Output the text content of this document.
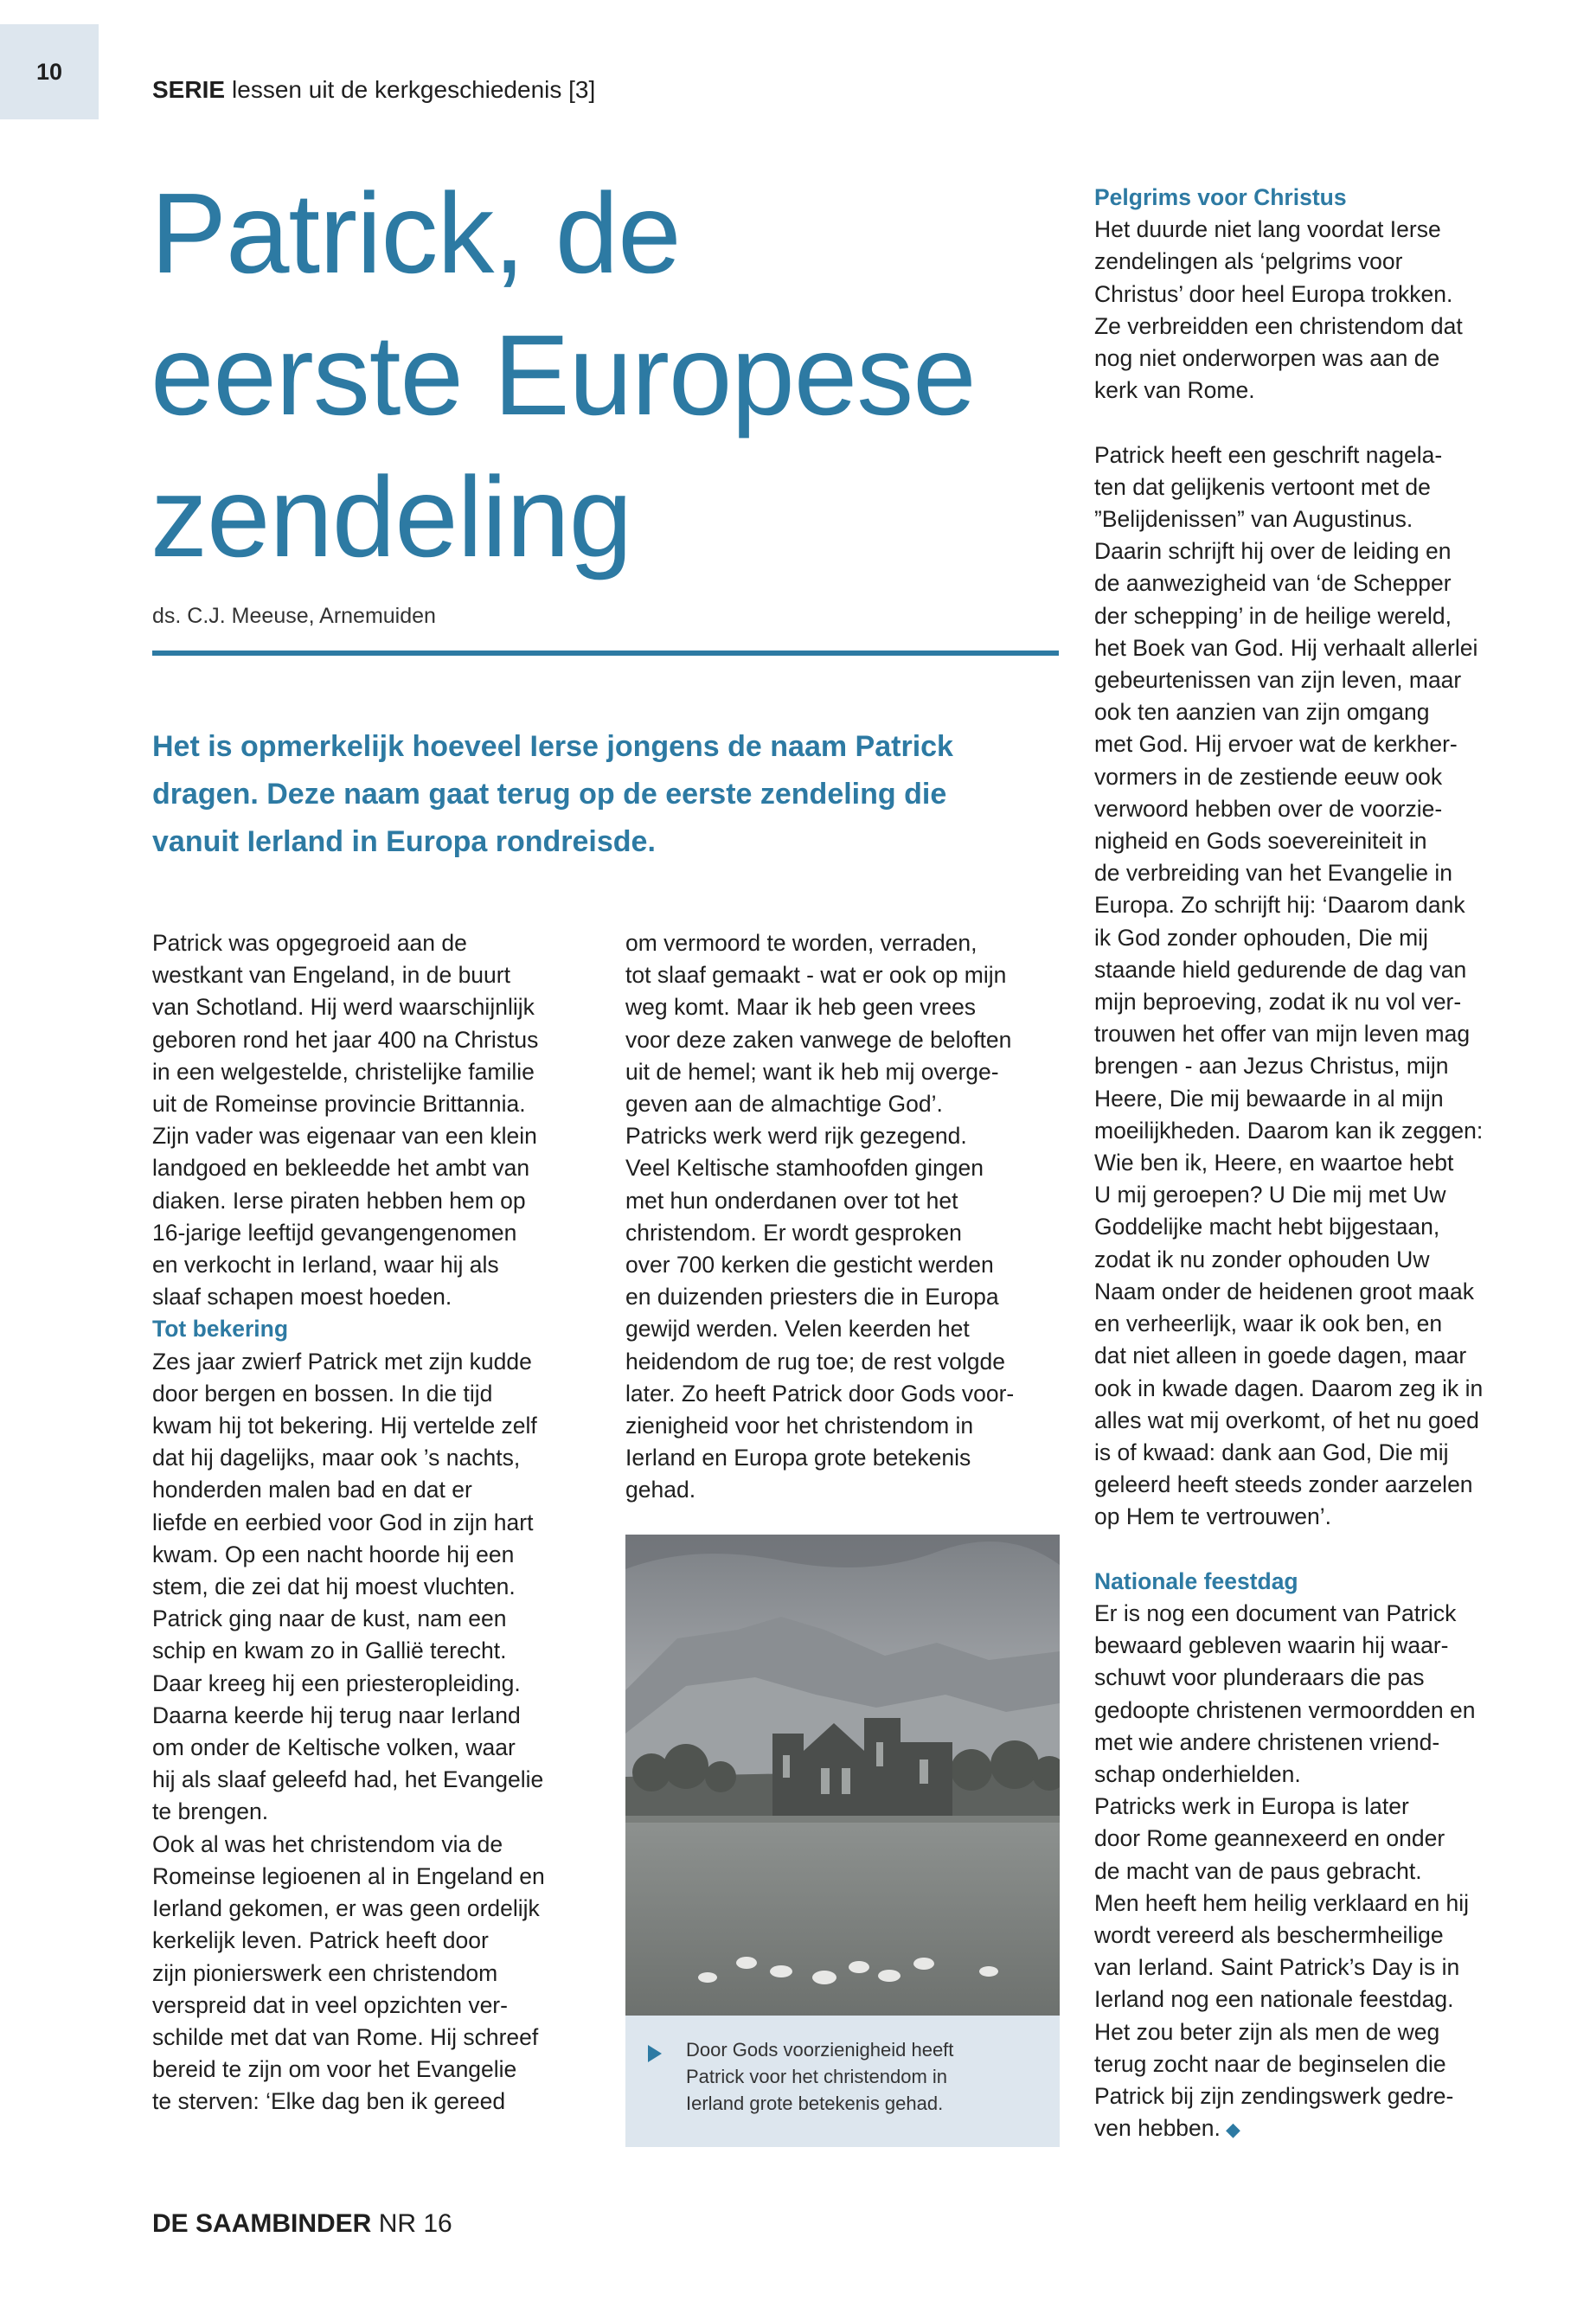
10
SERIE lessen uit de kerkgeschiedenis [3]
Patrick, de
eerste Europese
zendeling
ds. C.J. Meeuse, Arnemuiden

Het is opmerkelijk hoeveel Ierse jongens de naam Patrick
dragen. Deze naam gaat terug op de eerste zendeling die
vanuit Ierland in Europa rondreisde.

Patrick was opgegroeid aan de

westkant van Engeland, in de buurt

van Schotland. Hij werd waarschijnlijk

geboren rond het jaar 400 na Christus

in een welgestelde, christelijke familie

uit de Romeinse provincie Brittannia.

Zijn vader was eigenaar van een klein

landgoed en bekleedde het ambt van

diaken. Ierse piraten hebben hem op

16-jarige leeftijd gevangengenomen

en verkocht in Ierland, waar hij als

slaaf schapen moest hoeden.

Tot bekering

Zes jaar zwierf Patrick met zijn kudde

door bergen en bossen. In die tijd

kwam hij tot bekering. Hij vertelde zelf

dat hij dagelijks, maar ook ’s nachts,

honderden malen bad en dat er

liefde en eerbied voor God in zijn hart

kwam. Op een nacht hoorde hij een

stem, die zei dat hij moest vluchten.

Patrick ging naar de kust, nam een

schip en kwam zo in Gallië terecht.

Daar kreeg hij een priesteropleiding.

Daarna keerde hij terug naar Ierland

om onder de Keltische volken, waar

hij als slaaf geleefd had, het Evangelie

te brengen.

Ook al was het christendom via de

Romeinse legioenen al in Engeland en

Ierland gekomen, er was geen ordelijk

kerkelijk leven. Patrick heeft door

zijn pionierswerk een christendom

verspreid dat in veel opzichten ver-

schilde met dat van Rome. Hij schreef

bereid te zijn om voor het Evangelie

te sterven: ‘Elke dag ben ik gereed

om vermoord te worden, verraden,

tot slaaf gemaakt - wat er ook op mijn

weg komt. Maar ik heb geen vrees

voor deze zaken vanwege de beloften

uit de hemel; want ik heb mij overge-

geven aan de almachtige God’.

Patricks werk werd rijk gezegend.

Veel Keltische stamhoofden gingen

met hun onderdanen over tot het

christendom. Er wordt gesproken

over 700 kerken die gesticht werden

en duizenden priesters die in Europa

gewijd werden. Velen keerden het

heidendom de rug toe; de rest volgde

later. Zo heeft Patrick door Gods voor-

zienigheid voor het christendom in

Ierland en Europa grote betekenis

gehad.

Door Gods voorzienigheid heeft

Patrick voor het christendom in

Ierland grote betekenis gehad.

Pelgrims voor Christus

Het duurde niet lang voordat Ierse

zendelingen als ‘pelgrims voor

Christus’ door heel Europa trokken.

Ze verbreidden een christendom dat

nog niet onderworpen was aan de

kerk van Rome.

Patrick heeft een geschrift nagela-

ten dat gelijkenis vertoont met de

”Belijdenissen” van Augustinus.

Daarin schrijft hij over de leiding en

de aanwezigheid van ‘de Schepper

der schepping’ in de heilige wereld,

het Boek van God. Hij verhaalt allerlei

gebeurtenissen van zijn leven, maar

ook ten aanzien van zijn omgang

met God. Hij ervoer wat de kerkher-

vormers in de zestiende eeuw ook

verwoord hebben over de voorzie-

nigheid en Gods soevereiniteit in

de verbreiding van het Evangelie in

Europa. Zo schrijft hij: ‘Daarom dank

ik God zonder ophouden, Die mij

staande hield gedurende de dag van

mijn beproeving, zodat ik nu vol ver-

trouwen het offer van mijn leven mag

brengen - aan Jezus Christus, mijn

Heere, Die mij bewaarde in al mijn

moeilijkheden. Daarom kan ik zeggen:

Wie ben ik, Heere, en waartoe hebt

U mij geroepen? U Die mij met Uw

Goddelijke macht hebt bijgestaan,

zodat ik nu zonder ophouden Uw

Naam onder de heidenen groot maak

en verheerlijk, waar ik ook ben, en

dat niet alleen in goede dagen, maar

ook in kwade dagen. Daarom zeg ik in

alles wat mij overkomt, of het nu goed

is of kwaad: dank aan God, Die mij

geleerd heeft steeds zonder aarzelen

op Hem te vertrouwen’.

Nationale feestdag

Er is nog een document van Patrick

bewaard gebleven waarin hij waar-

schuwt voor plunderaars die pas

gedoopte christenen vermoordden en

met wie andere christenen vriend-

schap onderhielden.

Patricks werk in Europa is later

door Rome geannexeerd en onder

de macht van de paus gebracht.

Men heeft hem heilig verklaard en hij

wordt vereerd als beschermheilige

van Ierland. Saint Patrick’s Day is in

Ierland nog een nationale feestdag.

Het zou beter zijn als men de weg

terug zocht naar de beginselen die

Patrick bij zijn zendingswerk gedre-

ven hebben. ◆

DE SAAMBINDER NR 16
